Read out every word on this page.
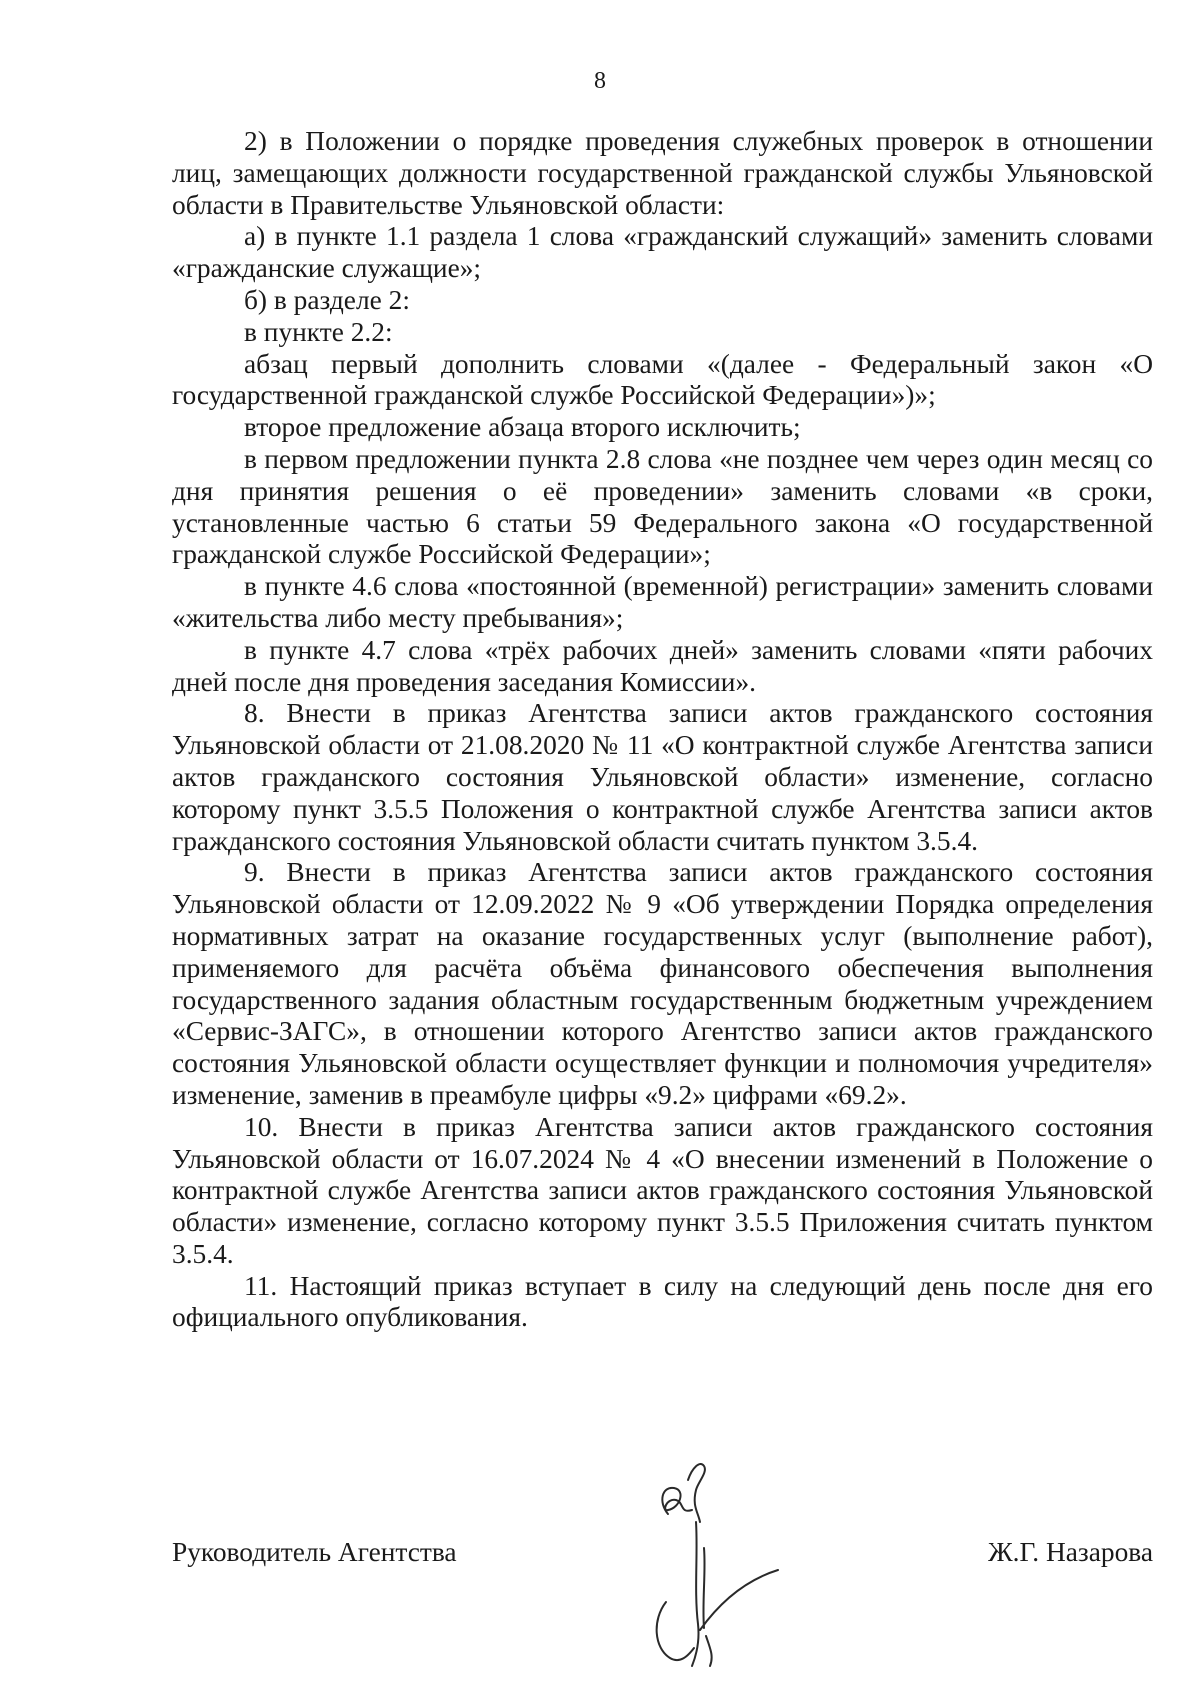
8

2) в Положении о порядке проведения служебных проверок в отношении лиц, замещающих должности государственной гражданской службы Ульяновской области в Правительстве Ульяновской области:

а) в пункте 1.1 раздела 1 слова «гражданский служащий» заменить словами «гражданские служащие»;

б) в разделе 2:

в пункте 2.2:

абзац первый дополнить словами «(далее - Федеральный закон «О государственной гражданской службе Российской Федерации»)»;

второе предложение абзаца второго исключить;

в первом предложении пункта 2.8 слова «не позднее чем через один месяц со дня принятия решения о её проведении» заменить словами «в сроки, установленные частью 6 статьи 59 Федерального закона «О государственной гражданской службе Российской Федерации»;

в пункте 4.6 слова «постоянной (временной) регистрации» заменить словами «жительства либо месту пребывания»;

в пункте 4.7 слова «трёх рабочих дней» заменить словами «пяти рабочих дней после дня проведения заседания Комиссии».

8. Внести в приказ Агентства записи актов гражданского состояния Ульяновской области от 21.08.2020 № 11 «О контрактной службе Агентства записи актов гражданского состояния Ульяновской области» изменение, согласно которому пункт 3.5.5 Положения о контрактной службе Агентства записи актов гражданского состояния Ульяновской области считать пунктом 3.5.4.

9. Внести в приказ Агентства записи актов гражданского состояния Ульяновской области от 12.09.2022 № 9 «Об утверждении Порядка определения нормативных затрат на оказание государственных услуг (выполнение работ), применяемого для расчёта объёма финансового обеспечения выполнения государственного задания областным государственным бюджетным учреждением «Сервис-ЗАГС», в отношении которого Агентство записи актов гражданского состояния Ульяновской области осуществляет функции и полномочия учредителя» изменение, заменив в преамбуле цифры «9.2» цифрами «69.2».

10. Внести в приказ Агентства записи актов гражданского состояния Ульяновской области от 16.07.2024 № 4 «О внесении изменений в Положение о контрактной службе Агентства записи актов гражданского состояния Ульяновской области» изменение, согласно которому пункт 3.5.5 Приложения считать пунктом 3.5.4.

11. Настоящий приказ вступает в силу на следующий день после дня его официального опубликования.

Руководитель Агентства	Ж.Г. Назарова
